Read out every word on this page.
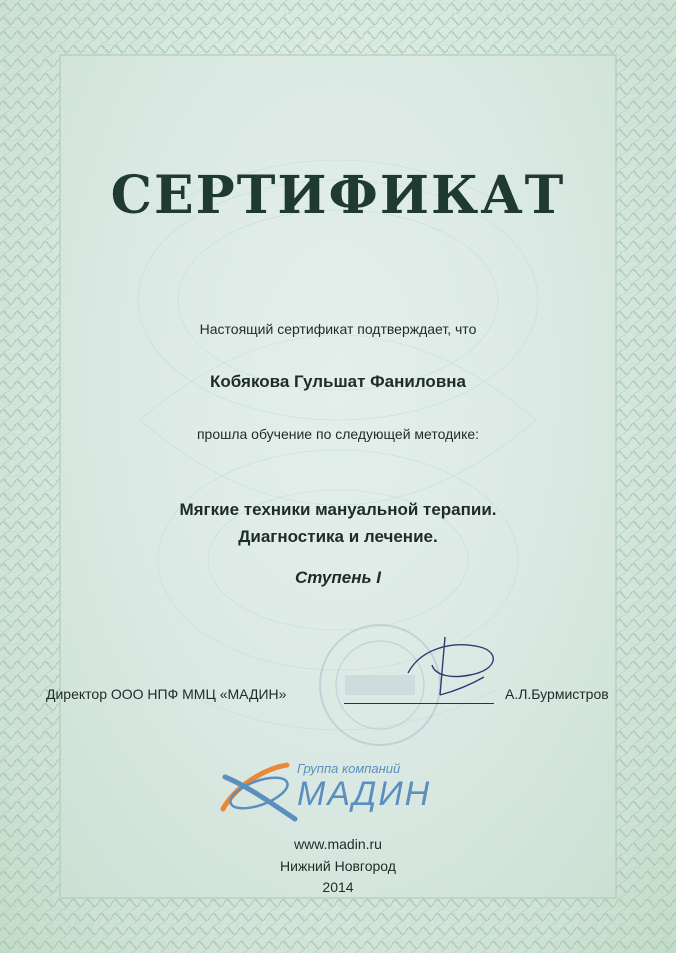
СЕРТИФИКАТ
Настоящий сертификат подтверждает, что
Кобякова Гульшат Фаниловна
прошла обучение по следующей методике:
Мягкие техники мануальной терапии.
Диагностика и лечение.
Ступень I
Директор ООО НПФ ММЦ «МАДИН»	А.Л.Бурмистров
Группа компаний
МАДИН
www.madin.ru
Нижний Новгород
2014
